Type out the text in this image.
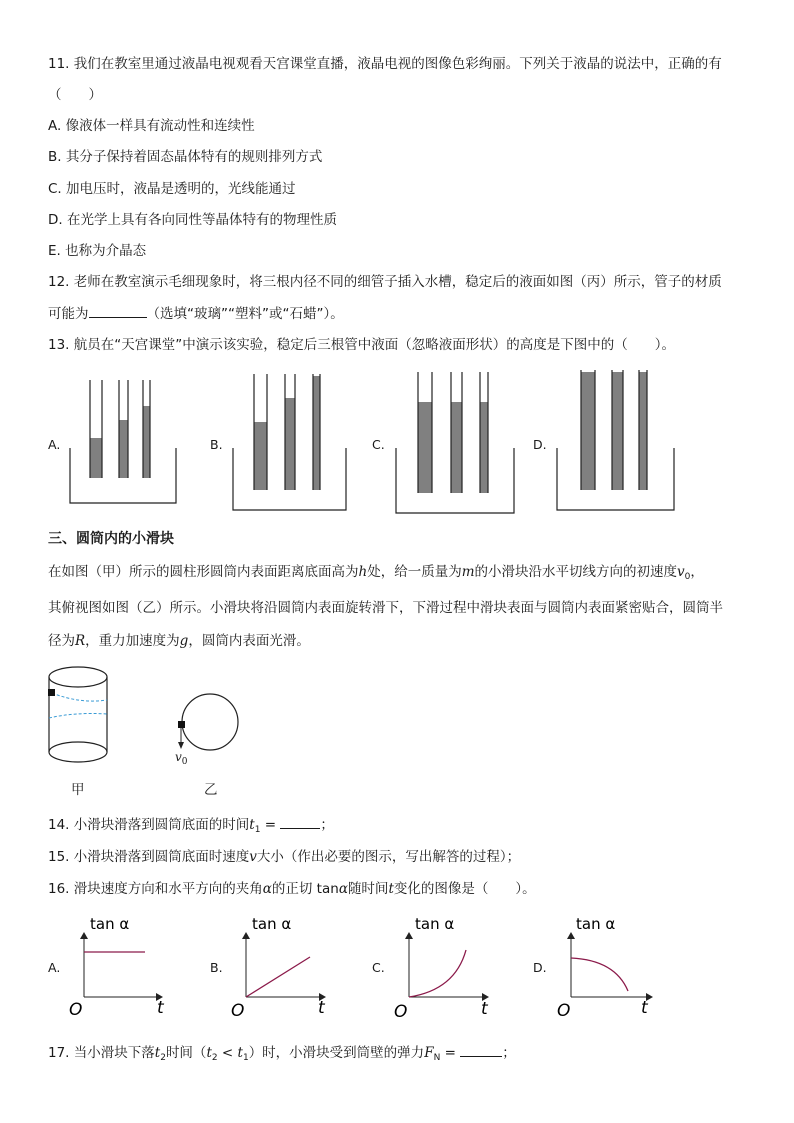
11. 我们在教室里通过液晶电视观看天宫课堂直播，液晶电视的图像色彩绚丽。下列关于液晶的说法中，正确的有
（　　）
A. 像液体一样具有流动性和连续性
B. 其分子保持着固态晶体特有的规则排列方式
C. 加电压时，液晶是透明的，光线能通过
D. 在光学上具有各向同性等晶体特有的物理性质
E. 也称为介晶态
12. 老师在教室演示毛细现象时，将三根内径不同的细管子插入水槽，稳定后的液面如图（丙）所示，管子的材质
可能为	（选填“玻璃”“塑料”或“石蜡”）。
13. 航员在“天宫课堂”中演示该实验，稳定后三根管中液面（忽略液面形状）的高度是下图中的（　　）。
A.	B.	C.	D.
三、圆筒内的小滑块
在如图（甲）所示的圆柱形圆筒内表面距离底面高为h处，给一质量为m的小滑块沿水平切线方向的初速度$v_0$，
其俯视图如图（乙）所示。小滑块将沿圆筒内表面旋转滑下，下滑过程中滑块表面与圆筒内表面紧密贴合，圆筒半
径为R，重力加速度为g，圆筒内表面光滑。
$v_0$
甲	乙
14. 小滑块滑落到圆筒底面的时间$t_1$ =	；
15. 小滑块滑落到圆筒底面时速度v大小（作出必要的图示，写出解答的过程）；
16. 滑块速度方向和水平方向的夹角α的正切 tanα随时间t变化的图像是（　　）。
A.	B.	C.	D.
tan α
t
O
tan α
t
O
tan α
t
O
tan α
t
O
17. 当小滑块下落$t_2$时间$(t_2 < t_1)$时，小滑块受到筒壁的弹力$F_N$ =	；
